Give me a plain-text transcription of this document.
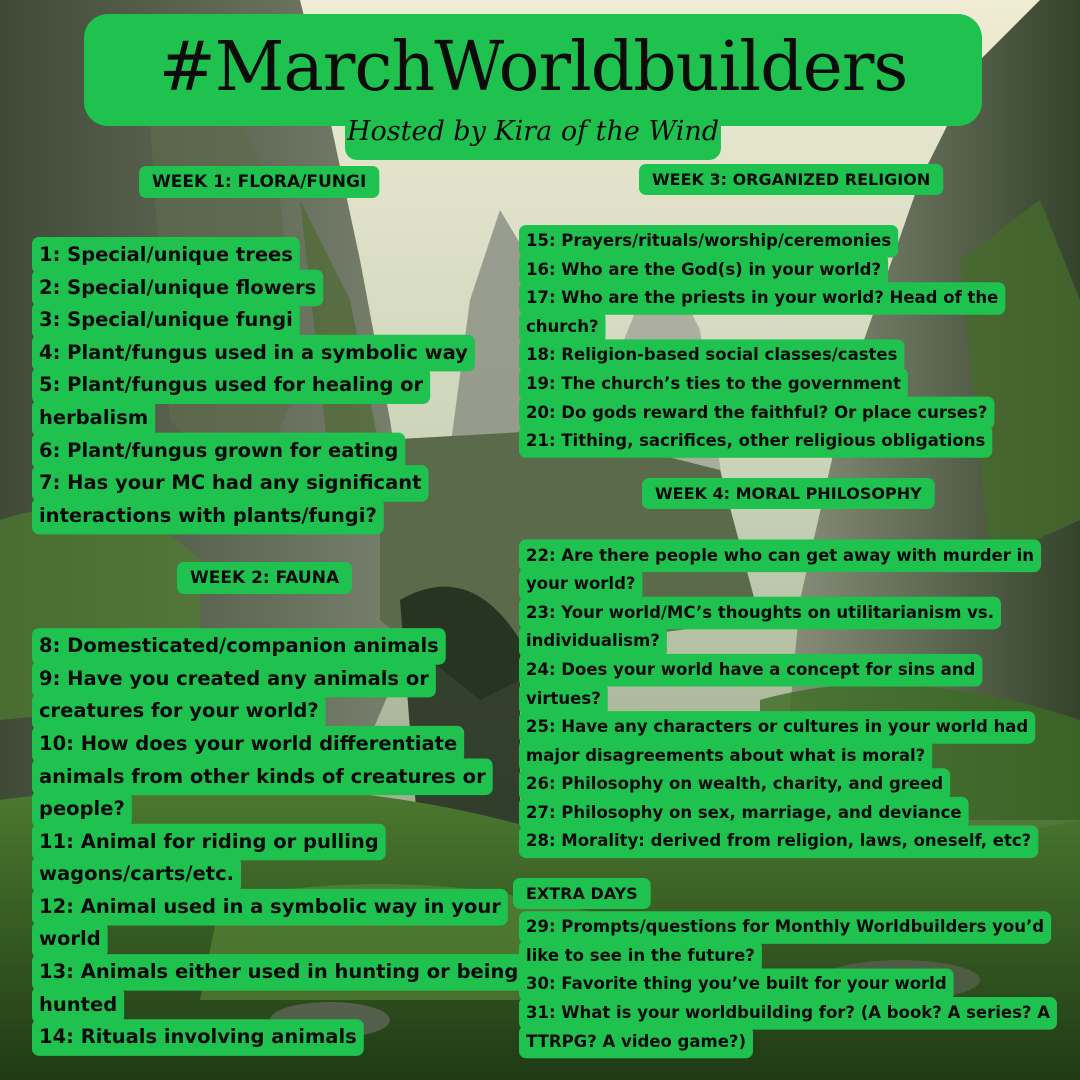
#MarchWorldbuilders
Hosted by Kira of the Wind
WEEK 1: FLORA/FUNGI
WEEK 2: FAUNA
WEEK 3: ORGANIZED RELIGION
WEEK 4: MORAL PHILOSOPHY
EXTRA DAYS
1: Special/unique trees
2: Special/unique flowers
3: Special/unique fungi
4: Plant/fungus used in a symbolic way
5: Plant/fungus used for healing or
herbalism
6: Plant/fungus grown for eating
7: Has your MC had any significant
interactions with plants/fungi?
8: Domesticated/companion animals
9: Have you created any animals or
creatures for your world?
10: How does your world differentiate
animals from other kinds of creatures or
people?
11: Animal for riding or pulling
wagons/carts/etc.
12: Animal used in a symbolic way in your
world
13: Animals either used in hunting or being
hunted
14: Rituals involving animals
15: Prayers/rituals/worship/ceremonies
16: Who are the God(s) in your world?
17: Who are the priests in your world? Head of the
church?
18: Religion-based social classes/castes
19: The church’s ties to the government
20: Do gods reward the faithful? Or place curses?
21: Tithing, sacrifices, other religious obligations
22: Are there people who can get away with murder in
your world?
23: Your world/MC’s thoughts on utilitarianism vs.
individualism?
24: Does your world have a concept for sins and
virtues?
25: Have any characters or cultures in your world had
major disagreements about what is moral?
26: Philosophy on wealth, charity, and greed
27: Philosophy on sex, marriage, and deviance
28: Morality: derived from religion, laws, oneself, etc?
29: Prompts/questions for Monthly Worldbuilders you’d
like to see in the future?
30: Favorite thing you’ve built for your world
31: What is your worldbuilding for? (A book? A series? A
TTRPG? A video game?)
